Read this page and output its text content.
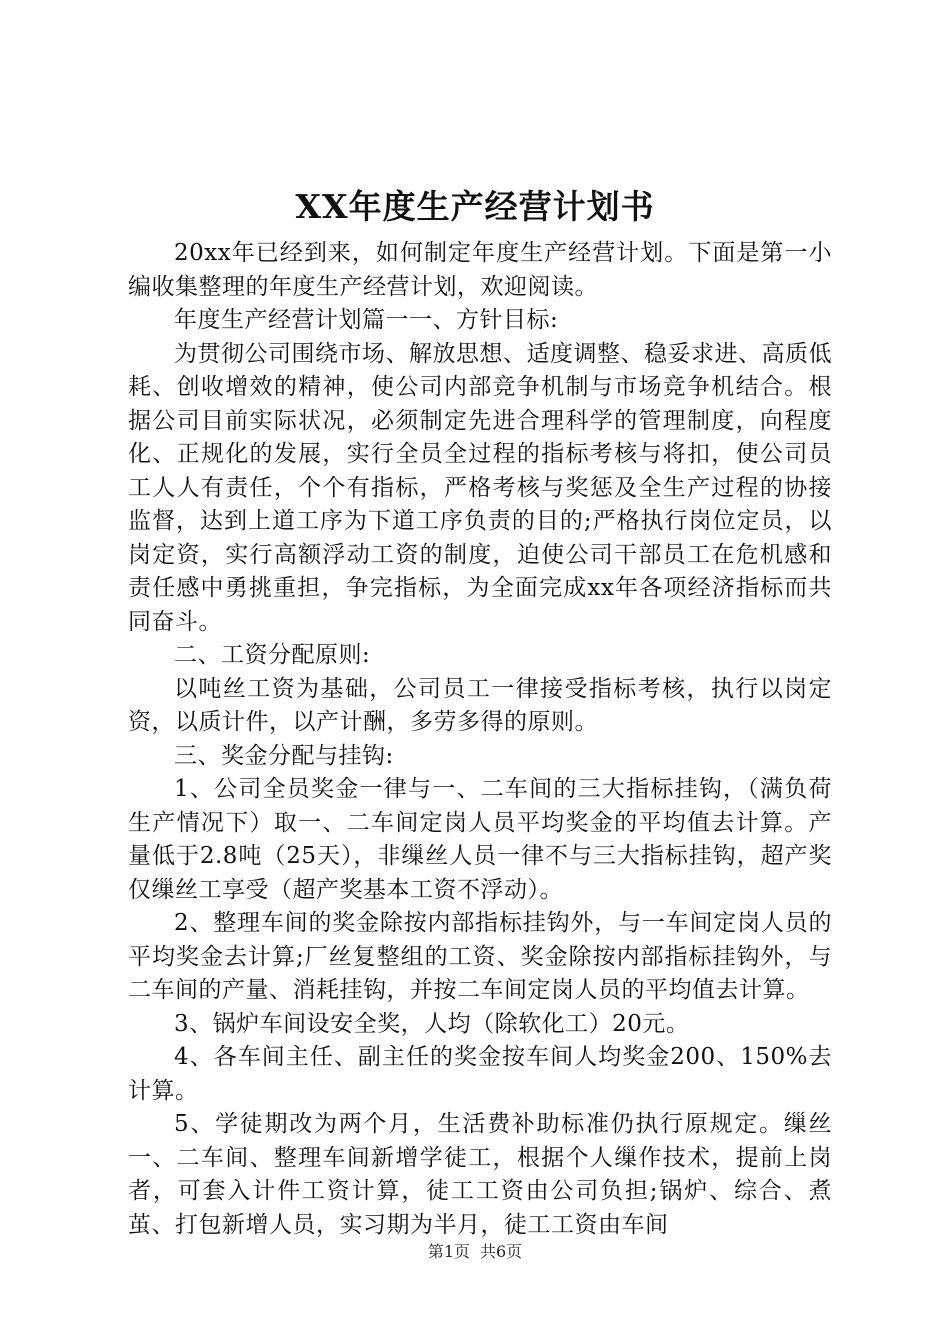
XX年度生产经营计划书

20xx年已经到来，如何制定年度生产经营计划。下面是第一小编收集整理的年度生产经营计划，欢迎阅读。

年度生产经营计划篇一一、方针目标:

为贯彻公司围绕市场、解放思想、适度调整、稳妥求进、高质低耗、创收增效的精神，使公司内部竞争机制与市场竞争机结合。根据公司目前实际状况，必须制定先进合理科学的管理制度，向程度化、正规化的发展，实行全员全过程的指标考核与将扣，使公司员工人人有责任，个个有指标，严格考核与奖惩及全生产过程的协接监督，达到上道工序为下道工序负责的目的;严格执行岗位定员，以岗定资，实行高额浮动工资的制度，迫使公司干部员工在危机感和责任感中勇挑重担，争完指标，为全面完成xx年各项经济指标而共同奋斗。

二、工资分配原则:

以吨丝工资为基础，公司员工一律接受指标考核，执行以岗定资，以质计件，以产计酬，多劳多得的原则。

三、奖金分配与挂钩:

1、公司全员奖金一律与一、二车间的三大指标挂钩，（满负荷生产情况下）取一、二车间定岗人员平均奖金的平均值去计算。产量低于2.8吨（25天），非缫丝人员一律不与三大指标挂钩，超产奖仅缫丝工享受（超产奖基本工资不浮动）。

2、整理车间的奖金除按内部指标挂钩外，与一车间定岗人员的平均奖金去计算;厂丝复整组的工资、奖金除按内部指标挂钩外，与二车间的产量、消耗挂钩，并按二车间定岗人员的平均值去计算。

3、锅炉车间设安全奖，人均（除软化工）20元。

4、各车间主任、副主任的奖金按车间人均奖金200、150%去计算。

5、学徒期改为两个月，生活费补助标准仍执行原规定。缫丝一、二车间、整理车间新增学徒工，根据个人缫作技术，提前上岗者，可套入计件工资计算，徒工工资由公司负担;锅炉、综合、煮茧、打包新增人员，实习期为半月，徒工工资由车间

第1页 共6页
